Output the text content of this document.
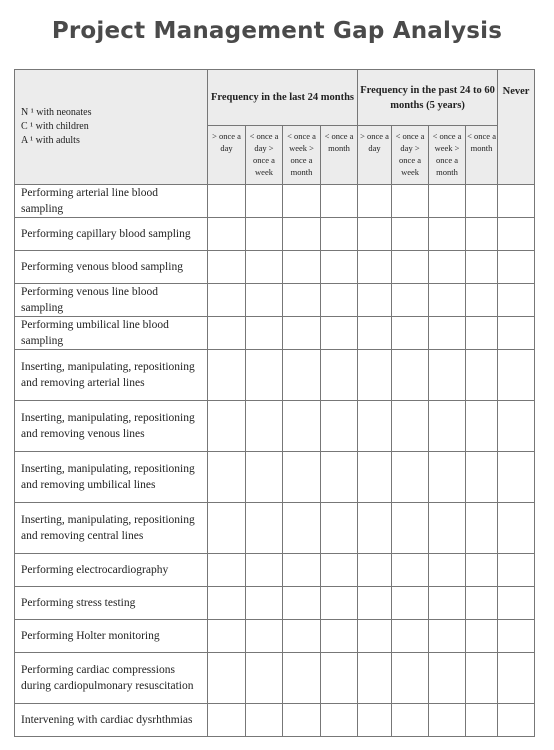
Project Management Gap Analysis
N ¹ with neonates
C ¹ with children
A ¹ with adults	Frequency in the last 24 months				Frequency in the past 24 to 60 months (5 years)				Never
	> once a day	< once a day > once a week	< once a week > once a month	< once a month	> once a day	< once a day > once a week	< once a week > once a month	< once a month	
Performing arterial line blood sampling									
Performing capillary blood sampling									
Performing venous blood sampling									
Performing venous line blood sampling									
Performing umbilical line blood sampling									
Inserting, manipulating, repositioning and removing arterial lines									
Inserting, manipulating, repositioning and removing venous lines									
Inserting, manipulating, repositioning and removing umbilical lines									
Inserting, manipulating, repositioning and removing central lines									
Performing electrocardiography									
Performing stress testing									
Performing Holter monitoring									
Performing cardiac compressions during cardiopulmonary resuscitation									
Intervening with cardiac dysrhthmias									
